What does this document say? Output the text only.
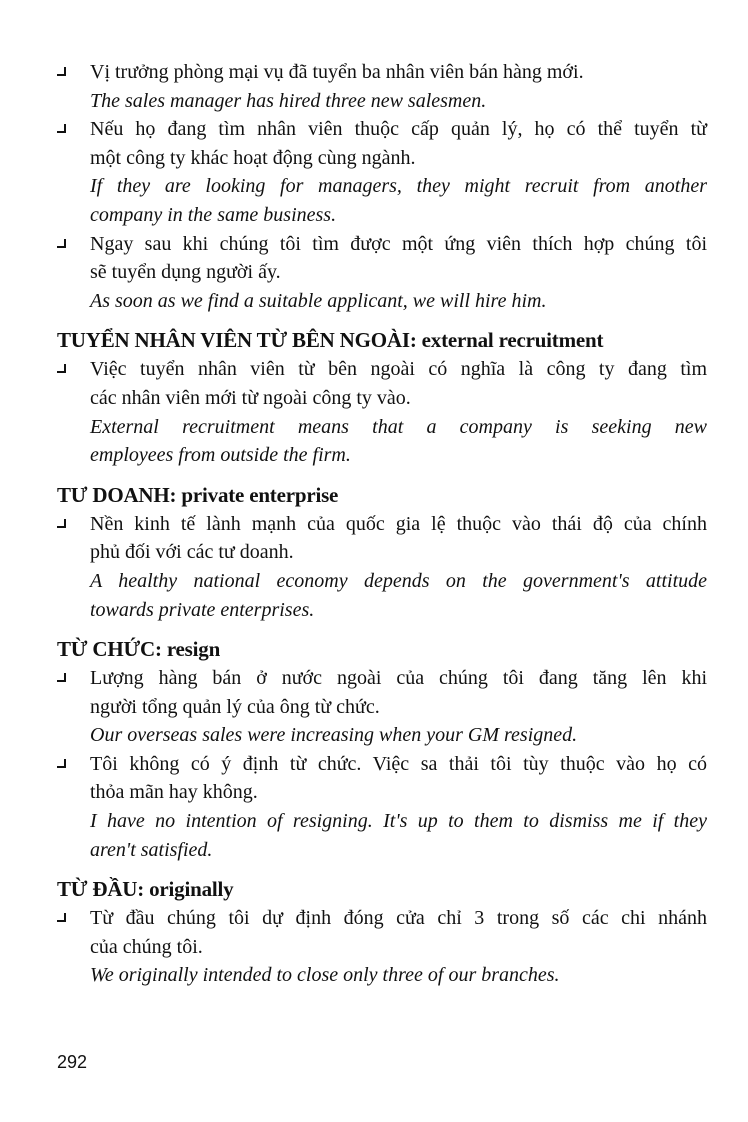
Vị trưởng phòng mại vụ đã tuyển ba nhân viên bán hàng mới.
The sales manager has hired three new salesmen.
Nếu họ đang tìm nhân viên thuộc cấp quản lý, họ có thể tuyển từ
một công ty khác hoạt động cùng ngành.
If they are looking for managers, they might recruit from another
company in the same business.
Ngay sau khi chúng tôi tìm được một ứng viên thích hợp chúng tôi
sẽ tuyển dụng người ấy.
As soon as we find a suitable applicant, we will hire him.
TUYỂN NHÂN VIÊN TỪ BÊN NGOÀI: external recruitment
Việc tuyển nhân viên từ bên ngoài có nghĩa là công ty đang tìm
các nhân viên mới từ ngoài công ty vào.
External recruitment means that a company is seeking new
employees from outside the firm.
TƯ DOANH: private enterprise
Nền kinh tế lành mạnh của quốc gia lệ thuộc vào thái độ của chính
phủ đối với các tư doanh.
A healthy national economy depends on the government's attitude
towards private enterprises.
TỪ CHỨC: resign
Lượng hàng bán ở nước ngoài của chúng tôi đang tăng lên khi
người tổng quản lý của ông từ chức.
Our overseas sales were increasing when your GM resigned.
Tôi không có ý định từ chức. Việc sa thải tôi tùy thuộc vào họ có
thỏa mãn hay không.
I have no intention of resigning. It's up to them to dismiss me if they
aren't satisfied.
TỪ ĐẦU: originally
Từ đầu chúng tôi dự định đóng cửa chỉ 3 trong số các chi nhánh
của chúng tôi.
We originally intended to close only three of our branches.
292
